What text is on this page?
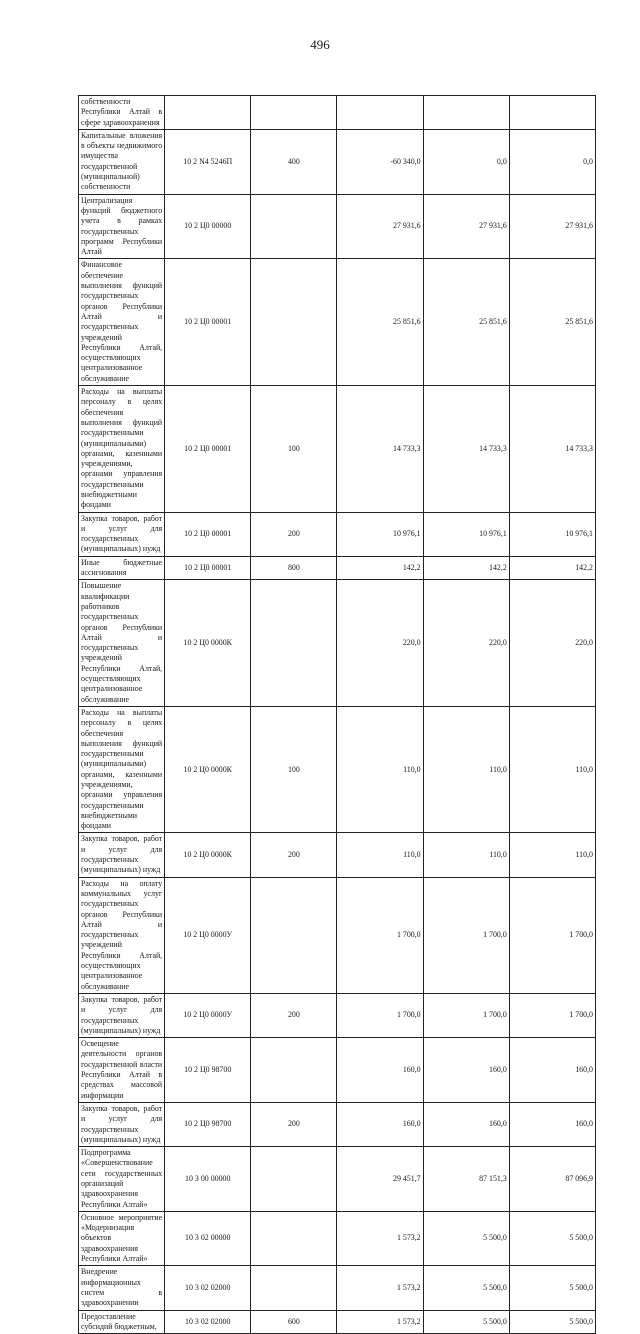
496
собственности Республики Алтай в сфере здравоохранения					
Капитальные вложения в объекты недвижимого имущества государственной (муниципальной) собственности	10 2 N4 5246П	400	-60 340,0	0,0	0,0
Централизация функций бюджетного учета в рамках государственных программ Республики Алтай	10 2 Ц0 00000		27 931,6	27 931,6	27 931,6
Финансовое обеспечение выполнения функций государственных органов Республики Алтай и государственных учреждений Республики Алтай, осуществляющих централизованное обслуживание	10 2 Ц0 00001		25 851,6	25 851,6	25 851,6
Расходы на выплаты персоналу в целях обеспечения выполнения функций государственными (муниципальными) органами, казенными учреждениями, органами управления государственными внебюджетными фондами	10 2 Ц0 00001	100	14 733,3	14 733,3	14 733,3
Закупка товаров, работ и услуг для государственных (муниципальных) нужд	10 2 Ц0 00001	200	10 976,1	10 976,1	10 976,1
Иные бюджетные ассигнования	10 2 Ц0 00001	800	142,2	142,2	142,2
Повышение квалификации работников государственных органов Республики Алтай и государственных учреждений Республики Алтай, осуществляющих централизованное обслуживание	10 2 Ц0 0000К		220,0	220,0	220,0
Расходы на выплаты персоналу в целях обеспечения выполнения функций государственными (муниципальными) органами, казенными учреждениями, органами управления государственными внебюджетными фондами	10 2 Ц0 0000К	100	110,0	110,0	110,0
Закупка товаров, работ и услуг для государственных (муниципальных) нужд	10 2 Ц0 0000К	200	110,0	110,0	110,0
Расходы на оплату коммунальных услуг государственных органов Республики Алтай и государственных учреждений Республики Алтай, осуществляющих централизованное обслуживание	10 2 Ц0 0000У		1 700,0	1 700,0	1 700,0
Закупка товаров, работ и услуг для государственных (муниципальных) нужд	10 2 Ц0 0000У	200	1 700,0	1 700,0	1 700,0
Освещение деятельности органов государственной власти Республики Алтай в средствах массовой информации	10 2 Ц0 98700		160,0	160,0	160,0
Закупка товаров, работ и услуг для государственных (муниципальных) нужд	10 2 Ц0 98700	200	160,0	160,0	160,0
Подпрограмма «Совершенствование сети государственных организаций здравоохранения Республики Алтай»	10 3 00 00000		29 451,7	87 151,3	87 096,9
Основное мероприятие «Модернизация объектов здравоохранения Республики Алтай»	10 3 02 00000		1 573,2	5 500,0	5 500,0
Внедрение информационных систем в здравоохранении	10 3 02 02000		1 573,2	5 500,0	5 500,0
Предоставление субсидий бюджетным,	10 3 02 02000	600	1 573,2	5 500,0	5 500,0
